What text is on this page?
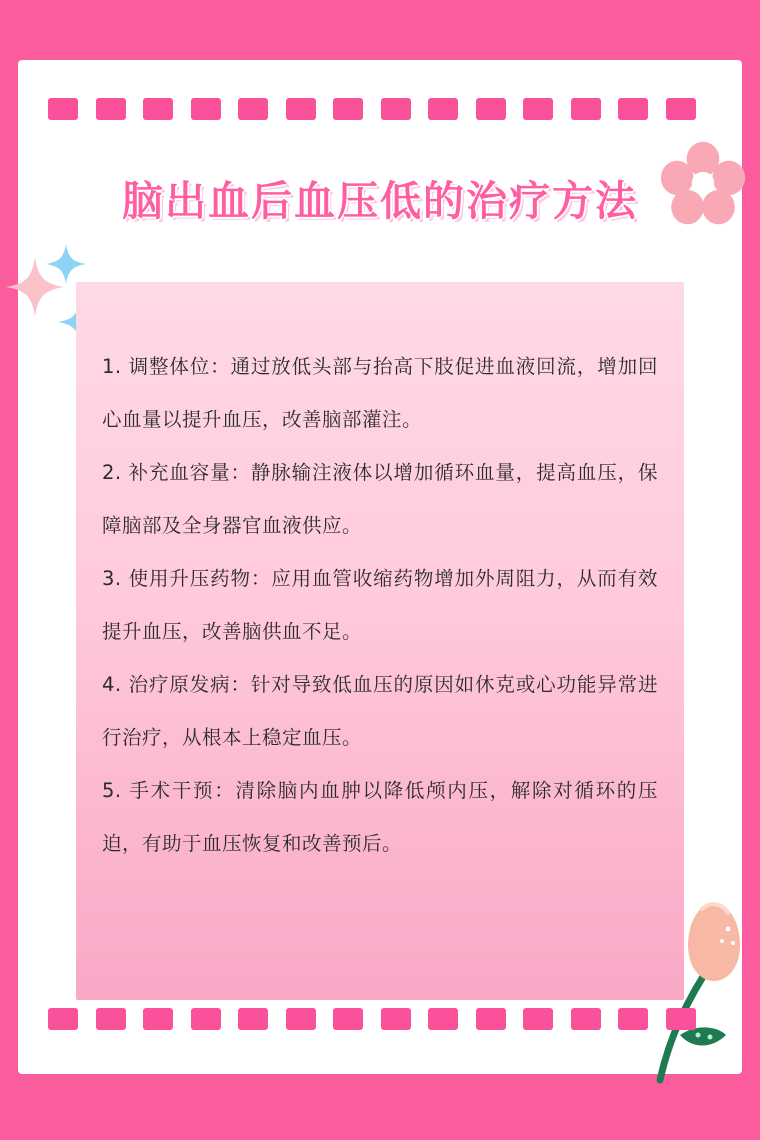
脑出血后血压低的治疗方法

1. 调整体位：通过放低头部与抬高下肢促进血液回流，增加回心血量以提升血压，改善脑部灌注。

2. 补充血容量：静脉输注液体以增加循环血量，提高血压，保障脑部及全身器官血液供应。

3. 使用升压药物：应用血管收缩药物增加外周阻力，从而有效提升血压，改善脑供血不足。

4. 治疗原发病：针对导致低血压的原因如休克或心功能异常进行治疗，从根本上稳定血压。

5. 手术干预：清除脑内血肿以降低颅内压，解除对循环的压迫，有助于血压恢复和改善预后。
